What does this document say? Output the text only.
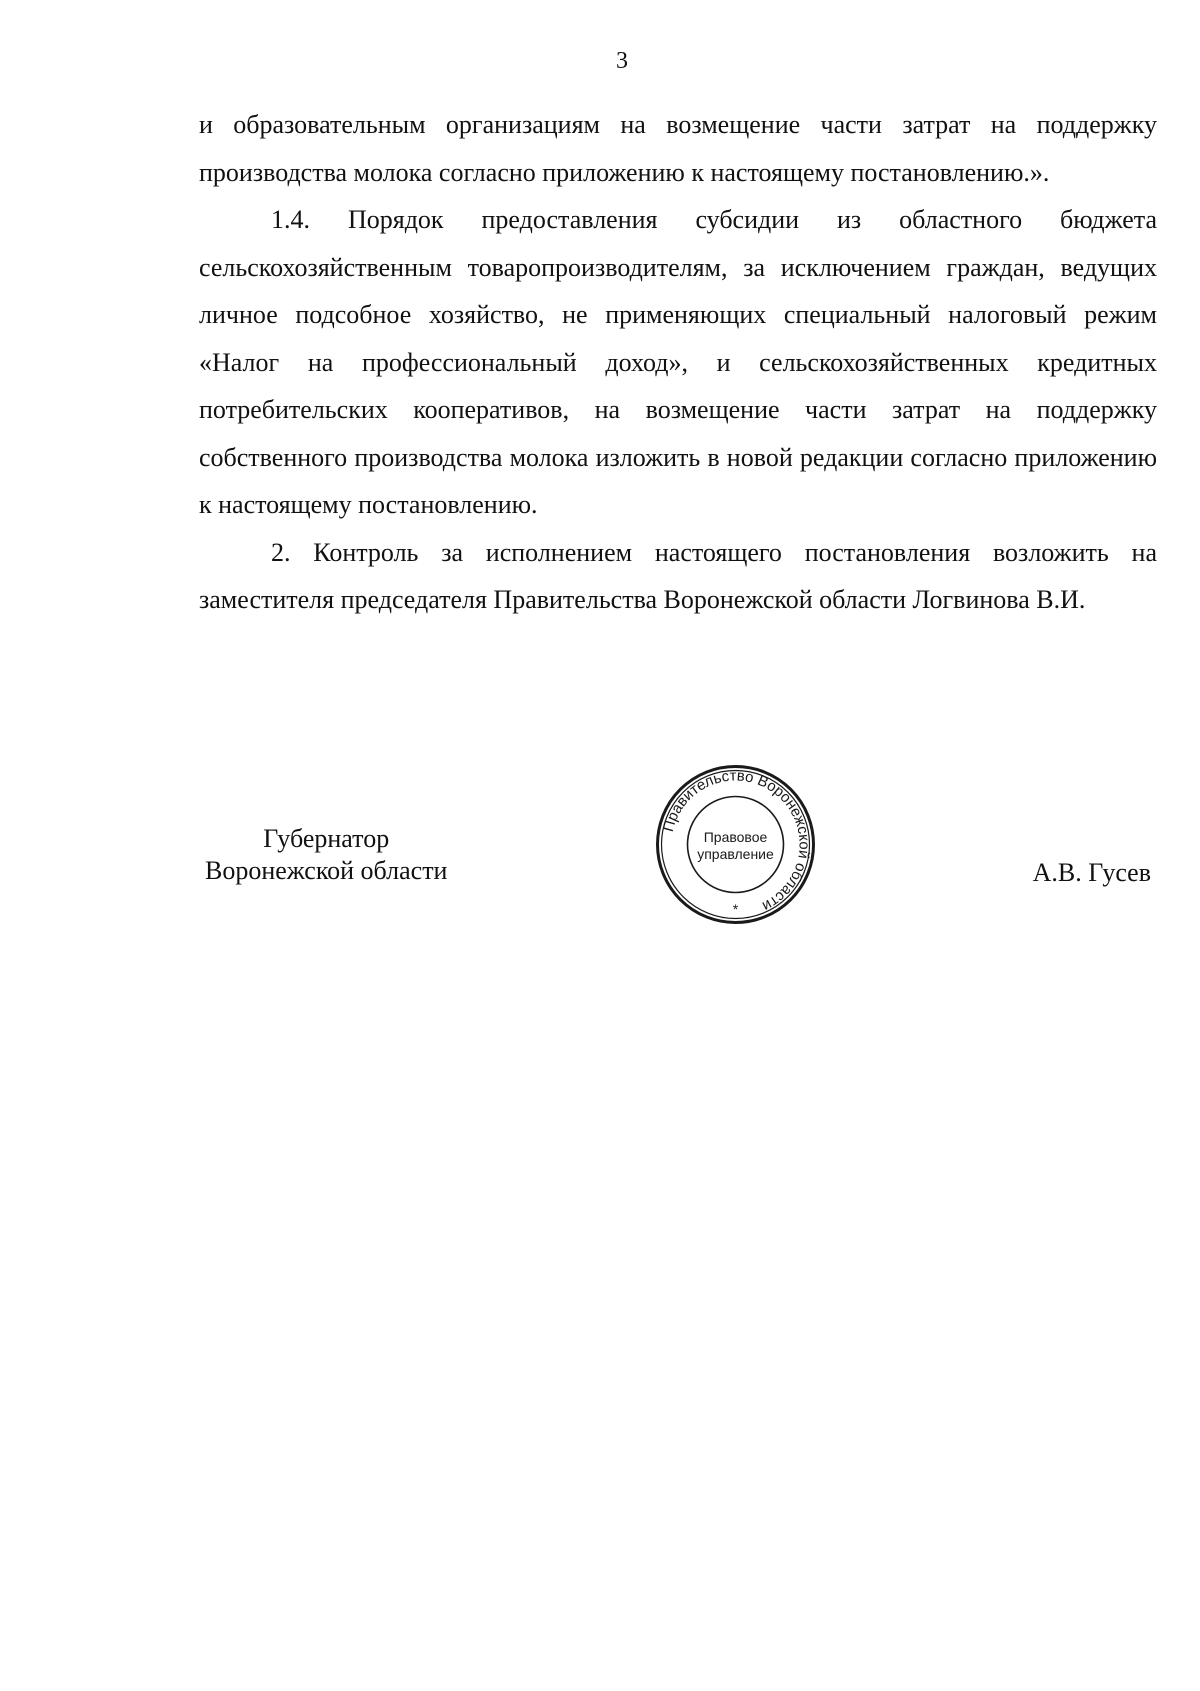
3

и образовательным организациям на возмещение части затрат на поддержку производства молока согласно приложению к настоящему постановлению.».

1.4. Порядок предоставления субсидии из областного бюджета сельскохозяйственным товаропроизводителям, за исключением граждан, ведущих личное подсобное хозяйство, не применяющих специальный налоговый режим «Налог на профессиональный доход», и сельскохозяйственных кредитных потребительских кооперативов, на возмещение части затрат на поддержку собственного производства молока изложить в новой редакции согласно приложению к настоящему постановлению.

2. Контроль за исполнением настоящего постановления возложить на заместителя председателя Правительства Воронежской области Логвинова В.И.

Губернатор
Воронежской области
Правительство Воронежской области
Правовое
управление
*
А.В. Гусев
